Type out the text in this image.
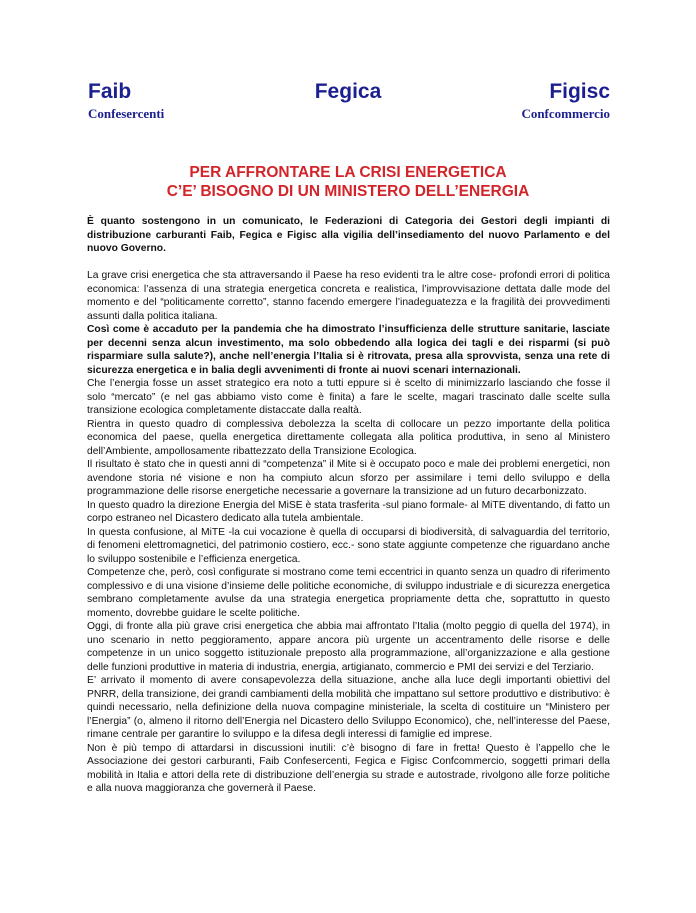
Faib
Confesercenti
Fegica	Figisc
Confcommercio
PER AFFRONTARE LA CRISI ENERGETICA
C’E’ BISOGNO DI UN MINISTERO DELL’ENERGIA

È quanto sostengono in un comunicato, le Federazioni di Categoria dei Gestori degli impianti di distribuzione carburanti Faib, Fegica e Figisc alla vigilia dell’insediamento del nuovo Parlamento e del nuovo Governo.

La grave crisi energetica che sta attraversando il Paese ha reso evidenti tra le altre cose- profondi errori di politica economica: l’assenza di una strategia energetica concreta e realistica, l’improvvisazione dettata dalle mode del momento e del “politicamente corretto”, stanno facendo emergere l’inadeguatezza e la fragilità dei provvedimenti assunti dalla politica italiana.

Così come è accaduto per la pandemia che ha dimostrato l’insufficienza delle strutture sanitarie, lasciate per decenni senza alcun investimento, ma solo obbedendo alla logica dei tagli e dei risparmi (si può risparmiare sulla salute?), anche nell’energia l’Italia si è ritrovata, presa alla sprovvista, senza una rete di sicurezza energetica e in balia degli avvenimenti di fronte ai nuovi scenari internazionali.

Che l’energia fosse un asset strategico era noto a tutti eppure si è scelto di minimizzarlo lasciando che fosse il solo “mercato” (e nel gas abbiamo visto come è finita) a fare le scelte, magari trascinato dalle scelte sulla transizione ecologica completamente distaccate dalla realtà.

Rientra in questo quadro di complessiva debolezza la scelta di collocare un pezzo importante della politica economica del paese, quella energetica direttamente collegata alla politica produttiva, in seno al Ministero dell’Ambiente, ampollosamente ribattezzato della Transizione Ecologica.

Il risultato è stato che in questi anni di “competenza” il Mite si è occupato poco e male dei problemi energetici, non avendone storia né visione e non ha compiuto alcun sforzo per assimilare i temi dello sviluppo e della programmazione delle risorse energetiche necessarie a governare la transizione ad un futuro decarbonizzato.

In questo quadro la direzione Energia del MiSE è stata trasferita -sul piano formale- al MiTE diventando, di fatto un corpo estraneo nel Dicastero dedicato alla tutela ambientale.

In questa confusione, al MiTE -la cui vocazione è quella di occuparsi di biodiversità, di salvaguardia del territorio, di fenomeni elettromagnetici, del patrimonio costiero, ecc.- sono state aggiunte competenze che riguardano anche lo sviluppo sostenibile e l’efficienza energetica.

Competenze che, però, così configurate si mostrano come temi eccentrici in quanto senza un quadro di riferimento complessivo e di una visione d’insieme delle politiche economiche, di sviluppo industriale e di sicurezza energetica sembrano completamente avulse da una strategia energetica propriamente detta che, soprattutto in questo momento, dovrebbe guidare le scelte politiche.

Oggi, di fronte alla più grave crisi energetica che abbia mai affrontato l’Italia (molto peggio di quella del 1974), in uno scenario in netto peggioramento, appare ancora più urgente un accentramento delle risorse e delle competenze in un unico soggetto istituzionale preposto alla programmazione, all’organizzazione e alla gestione delle funzioni produttive in materia di industria, energia, artigianato, commercio e PMI dei servizi e del Terziario.

E’ arrivato il momento di avere consapevolezza della situazione, anche alla luce degli importanti obiettivi del PNRR, della transizione, dei grandi cambiamenti della mobilità che impattano sul settore produttivo e distributivo: è quindi necessario, nella definizione della nuova compagine ministeriale, la scelta di costituire un “Ministero per l’Energia” (o, almeno il ritorno dell’Energia nel Dicastero dello Sviluppo Economico), che, nell’interesse del Paese, rimane centrale per garantire lo sviluppo e la difesa degli interessi di famiglie ed imprese.

Non è più tempo di attardarsi in discussioni inutili: c’è bisogno di fare in fretta! Questo è l’appello che le Associazione dei gestori carburanti, Faib Confesercenti, Fegica e Figisc Confcommercio, soggetti primari della mobilità in Italia e attori della rete di distribuzione dell’energia su strade e autostrade, rivolgono alle forze politiche e alla nuova maggioranza che governerà il Paese.
